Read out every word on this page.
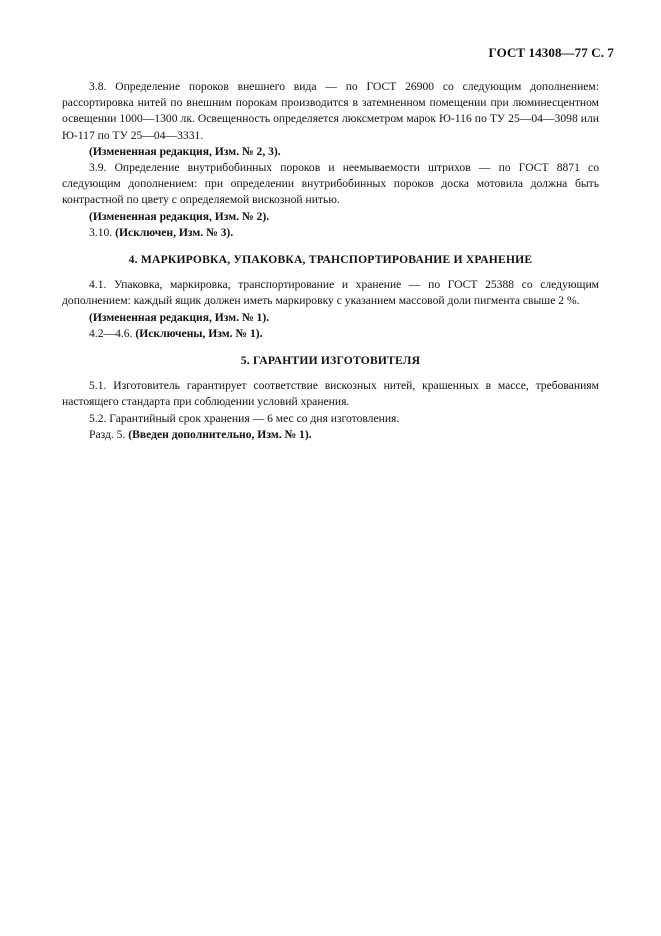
ГОСТ 14308—77 С. 7

3.8. Определение пороков внешнего вида — по ГОСТ 26900 со следующим дополнением: рассортировка нитей по внешним порокам производится в затемненном помещении при люминесцентном освещении 1000—1300 лк. Освещенность определяется люксметром марок Ю-116 по ТУ 25—04—3098 или Ю-117 по ТУ 25—04—3331.

(Измененная редакция, Изм. № 2, 3).

3.9. Определение внутрибобинных пороков и неемываемости штрихов — по ГОСТ 8871 со следующим дополнением: при определении внутрибобинных пороков доска мотовила должна быть контрастной по цвету с определяемой вискозной нитью.

(Измененная редакция, Изм. № 2).

3.10. (Исключен, Изм. № 3).

4. МАРКИРОВКА, УПАКОВКА, ТРАНСПОРТИРОВАНИЕ И ХРАНЕНИЕ

4.1. Упаковка, маркировка, транспортирование и хранение — по ГОСТ 25388 со следующим дополнением: каждый ящик должен иметь маркировку с указанием массовой доли пигмента свыше 2 %.

(Измененная редакция, Изм. № 1).

4.2—4.6. (Исключены, Изм. № 1).

5. ГАРАНТИИ ИЗГОТОВИТЕЛЯ

5.1. Изготовитель гарантирует соответствие вискозных нитей, крашенных в массе, требованиям настоящего стандарта при соблюдении условий хранения.

5.2. Гарантийный срок хранения — 6 мес со дня изготовления.

Разд. 5. (Введен дополнительно, Изм. № 1).
